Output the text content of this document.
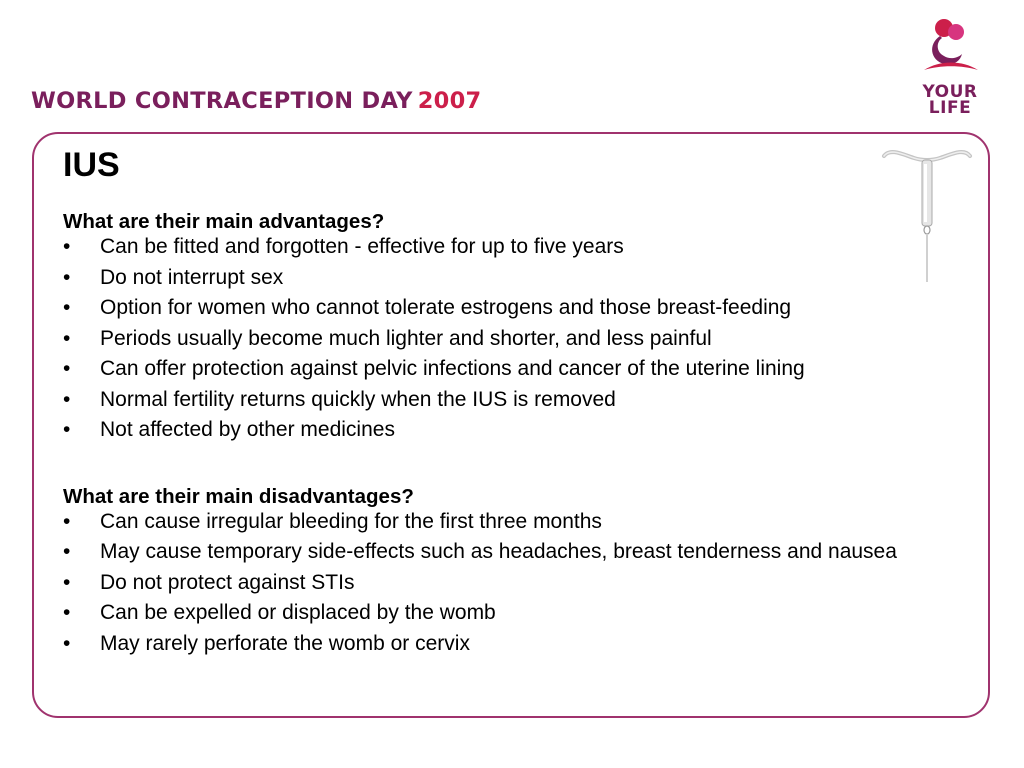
WORLD CONTRACEPTION DAY 2007	YOUR
LIFE
IUS
What are their main advantages?
•	Can be fitted and forgotten - effective for up to five years
•	Do not interrupt sex
•	Option for women who cannot tolerate estrogens and those breast-feeding
•	Periods usually become much lighter and shorter, and less painful
•	Can offer protection against pelvic infections and cancer of the uterine lining
•	Normal fertility returns quickly when the IUS is removed
•	Not affected by other medicines
What are their main disadvantages?
•	Can cause irregular bleeding for the first three months
•	May cause temporary side-effects such as headaches, breast tenderness and nausea
•	Do not protect against STIs
•	Can be expelled or displaced by the womb
•	May rarely perforate the womb or cervix
